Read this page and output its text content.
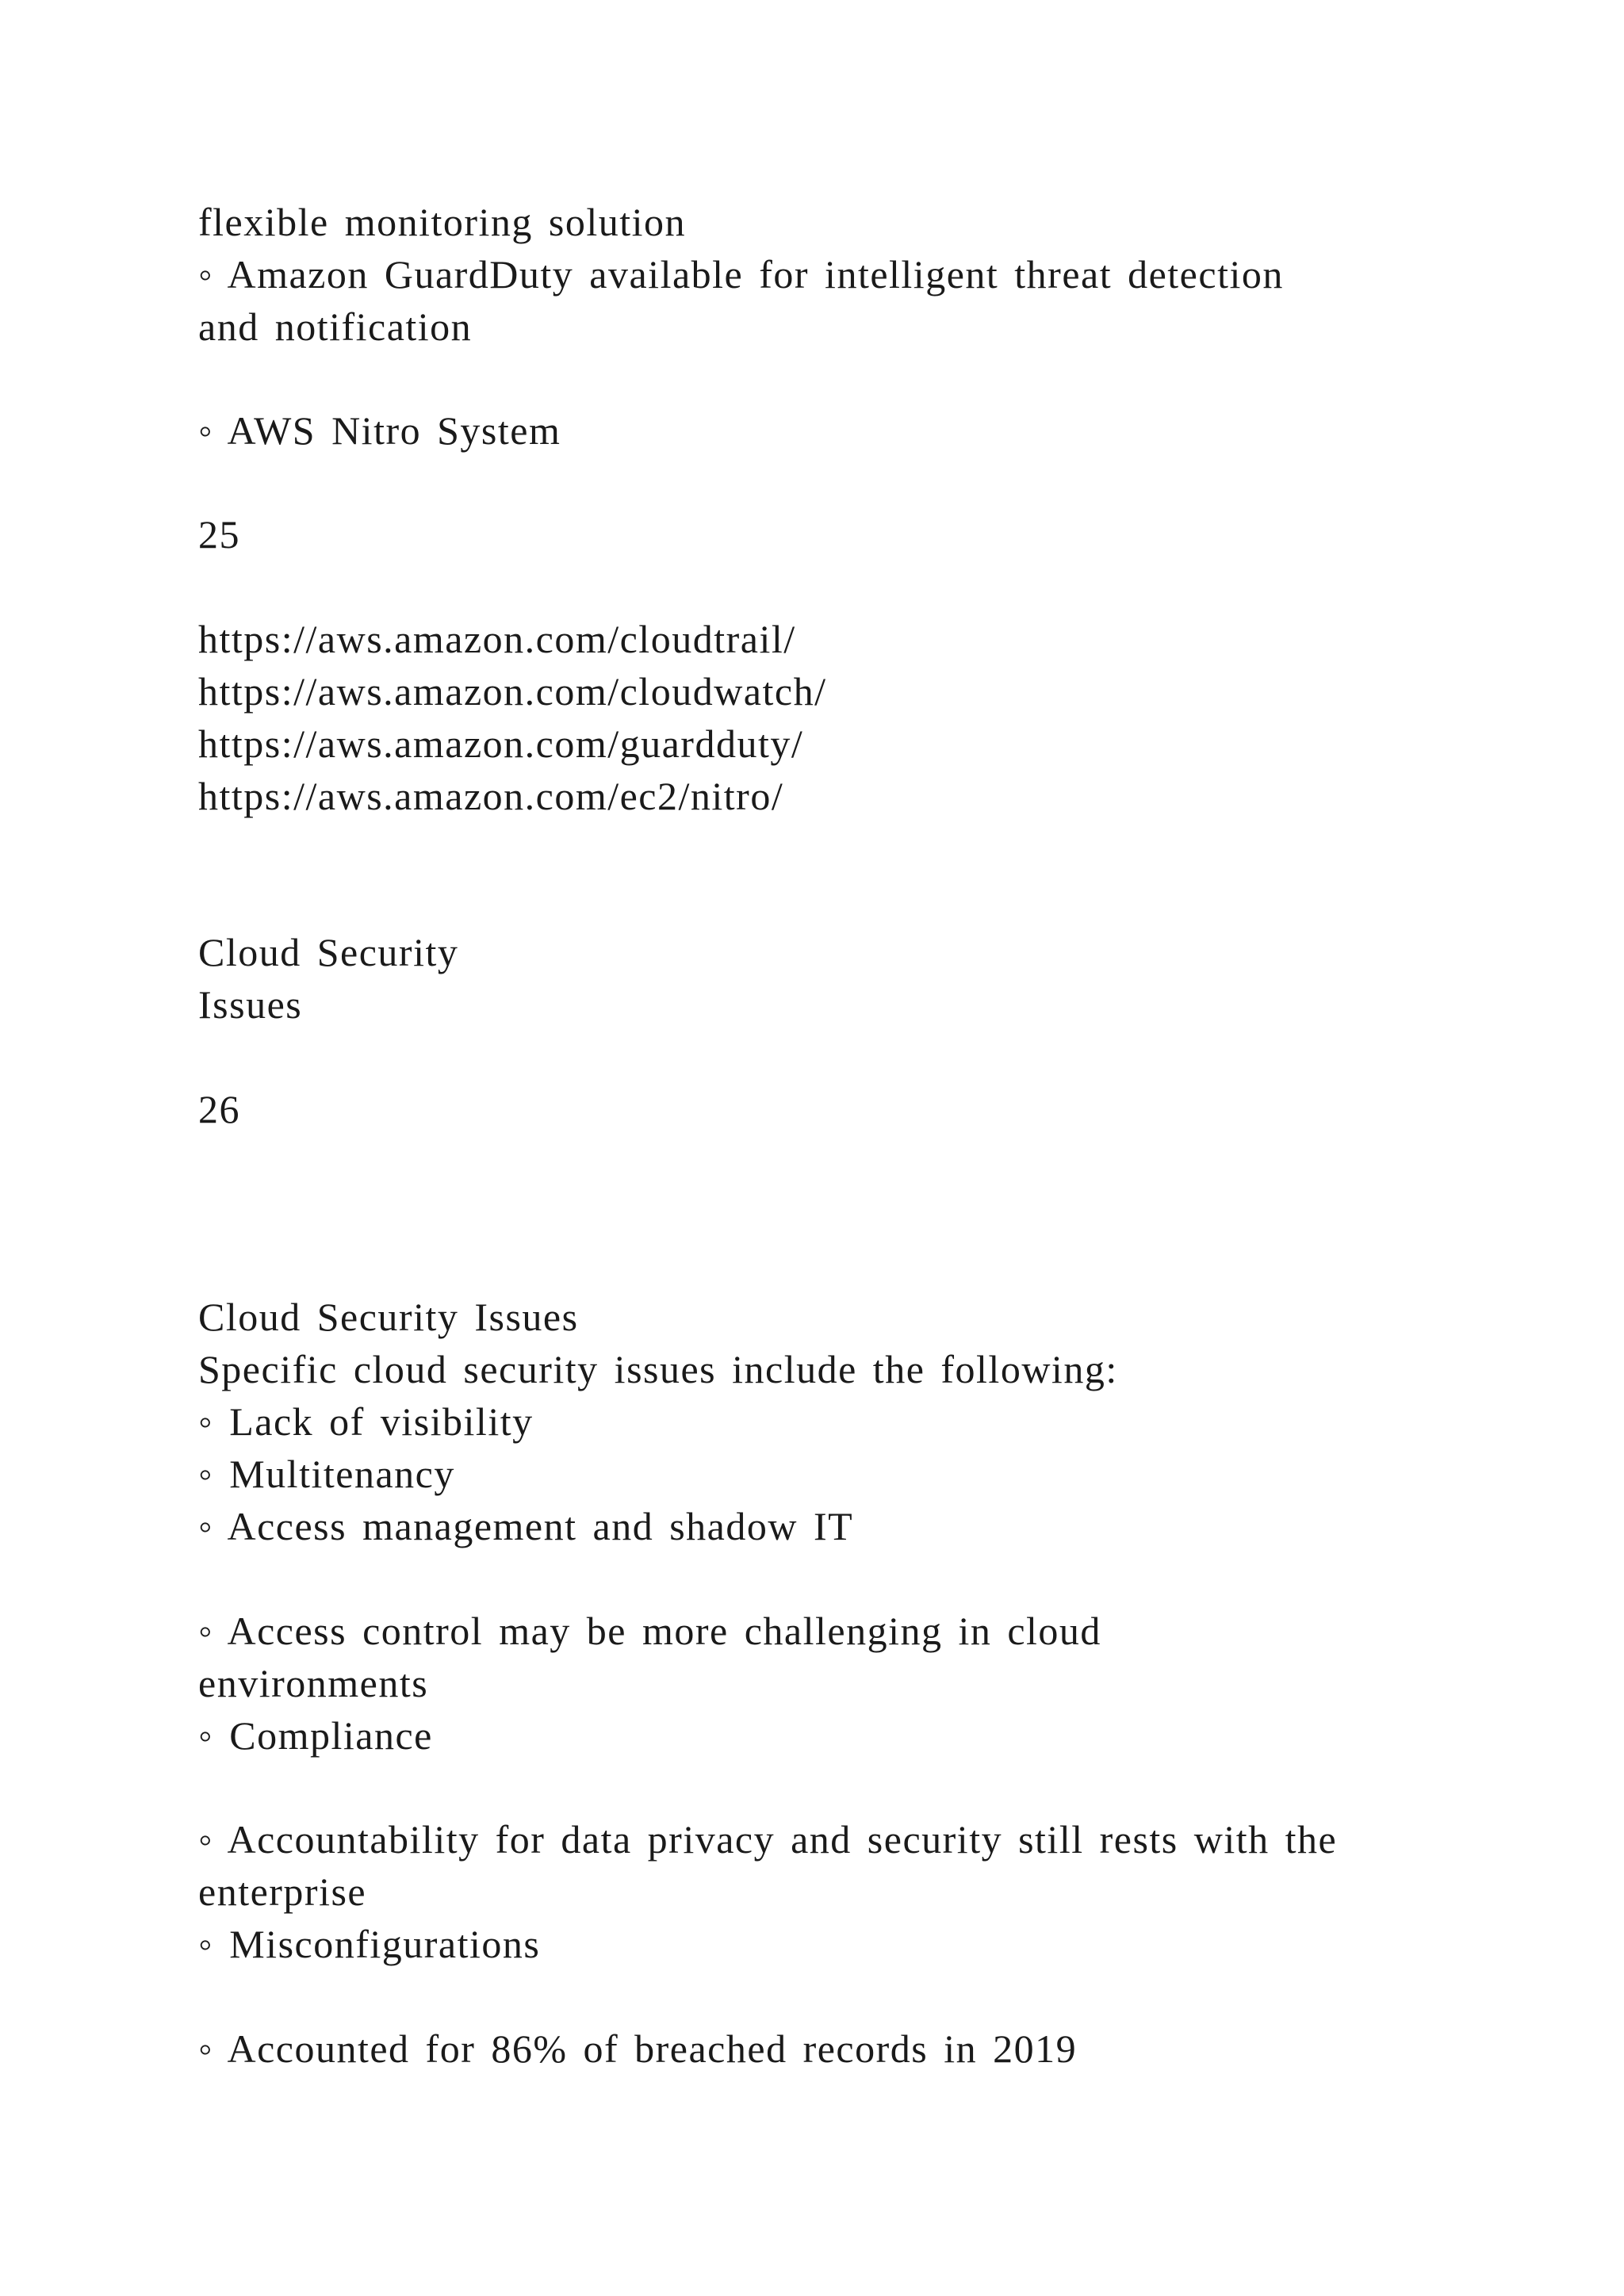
flexible monitoring solution
◦ Amazon GuardDuty available for intelligent threat detection
and notification
◦ AWS Nitro System
25
https://aws.amazon.com/cloudtrail/
https://aws.amazon.com/cloudwatch/
https://aws.amazon.com/guardduty/
https://aws.amazon.com/ec2/nitro/
Cloud Security
Issues
26
Cloud Security Issues
Specific cloud security issues include the following:
◦ Lack of visibility
◦ Multitenancy
◦ Access management and shadow IT
◦ Access control may be more challenging in cloud
environments
◦ Compliance
◦ Accountability for data privacy and security still rests with the
enterprise
◦ Misconfigurations
◦ Accounted for 86% of breached records in 2019
